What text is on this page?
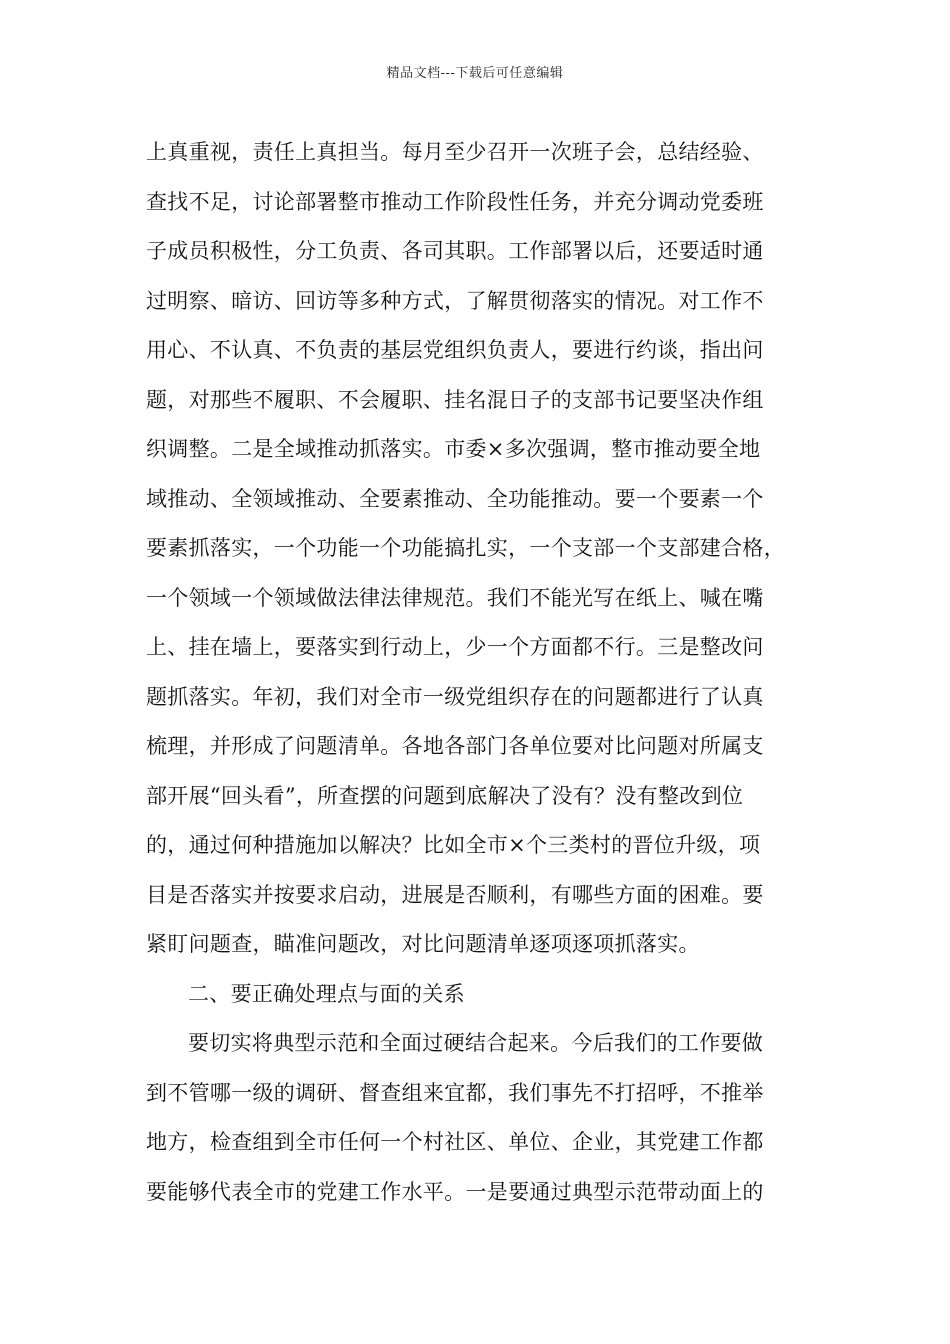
精品文档---下载后可任意编辑
上真重视，责任上真担当。每月至少召开一次班子会，总结经验、
查找不足，讨论部署整市推动工作阶段性任务，并充分调动党委班
子成员积极性，分工负责、各司其职。工作部署以后，还要适时通
过明察、暗访、回访等多种方式，了解贯彻落实的情况。对工作不
用心、不认真、不负责的基层党组织负责人，要进行约谈，指出问
题，对那些不履职、不会履职、挂名混日子的支部书记要坚决作组
织调整。二是全域推动抓落实。市委×多次强调，整市推动要全地
域推动、全领域推动、全要素推动、全功能推动。要一个要素一个
要素抓落实，一个功能一个功能搞扎实，一个支部一个支部建合格，
一个领域一个领域做法律法律规范。我们不能光写在纸上、喊在嘴
上、挂在墙上，要落实到行动上，少一个方面都不行。三是整改问
题抓落实。年初，我们对全市一级党组织存在的问题都进行了认真
梳理，并形成了问题清单。各地各部门各单位要对比问题对所属支
部开展“回头看”，所查摆的问题到底解决了没有？没有整改到位
的，通过何种措施加以解决？比如全市×个三类村的晋位升级，项
目是否落实并按要求启动，进展是否顺利，有哪些方面的困难。要
紧盯问题查，瞄准问题改，对比问题清单逐项逐项抓落实。
二、要正确处理点与面的关系
要切实将典型示范和全面过硬结合起来。今后我们的工作要做
到不管哪一级的调研、督查组来宜都，我们事先不打招呼，不推举
地方，检查组到全市任何一个村社区、单位、企业，其党建工作都
要能够代表全市的党建工作水平。一是要通过典型示范带动面上的
